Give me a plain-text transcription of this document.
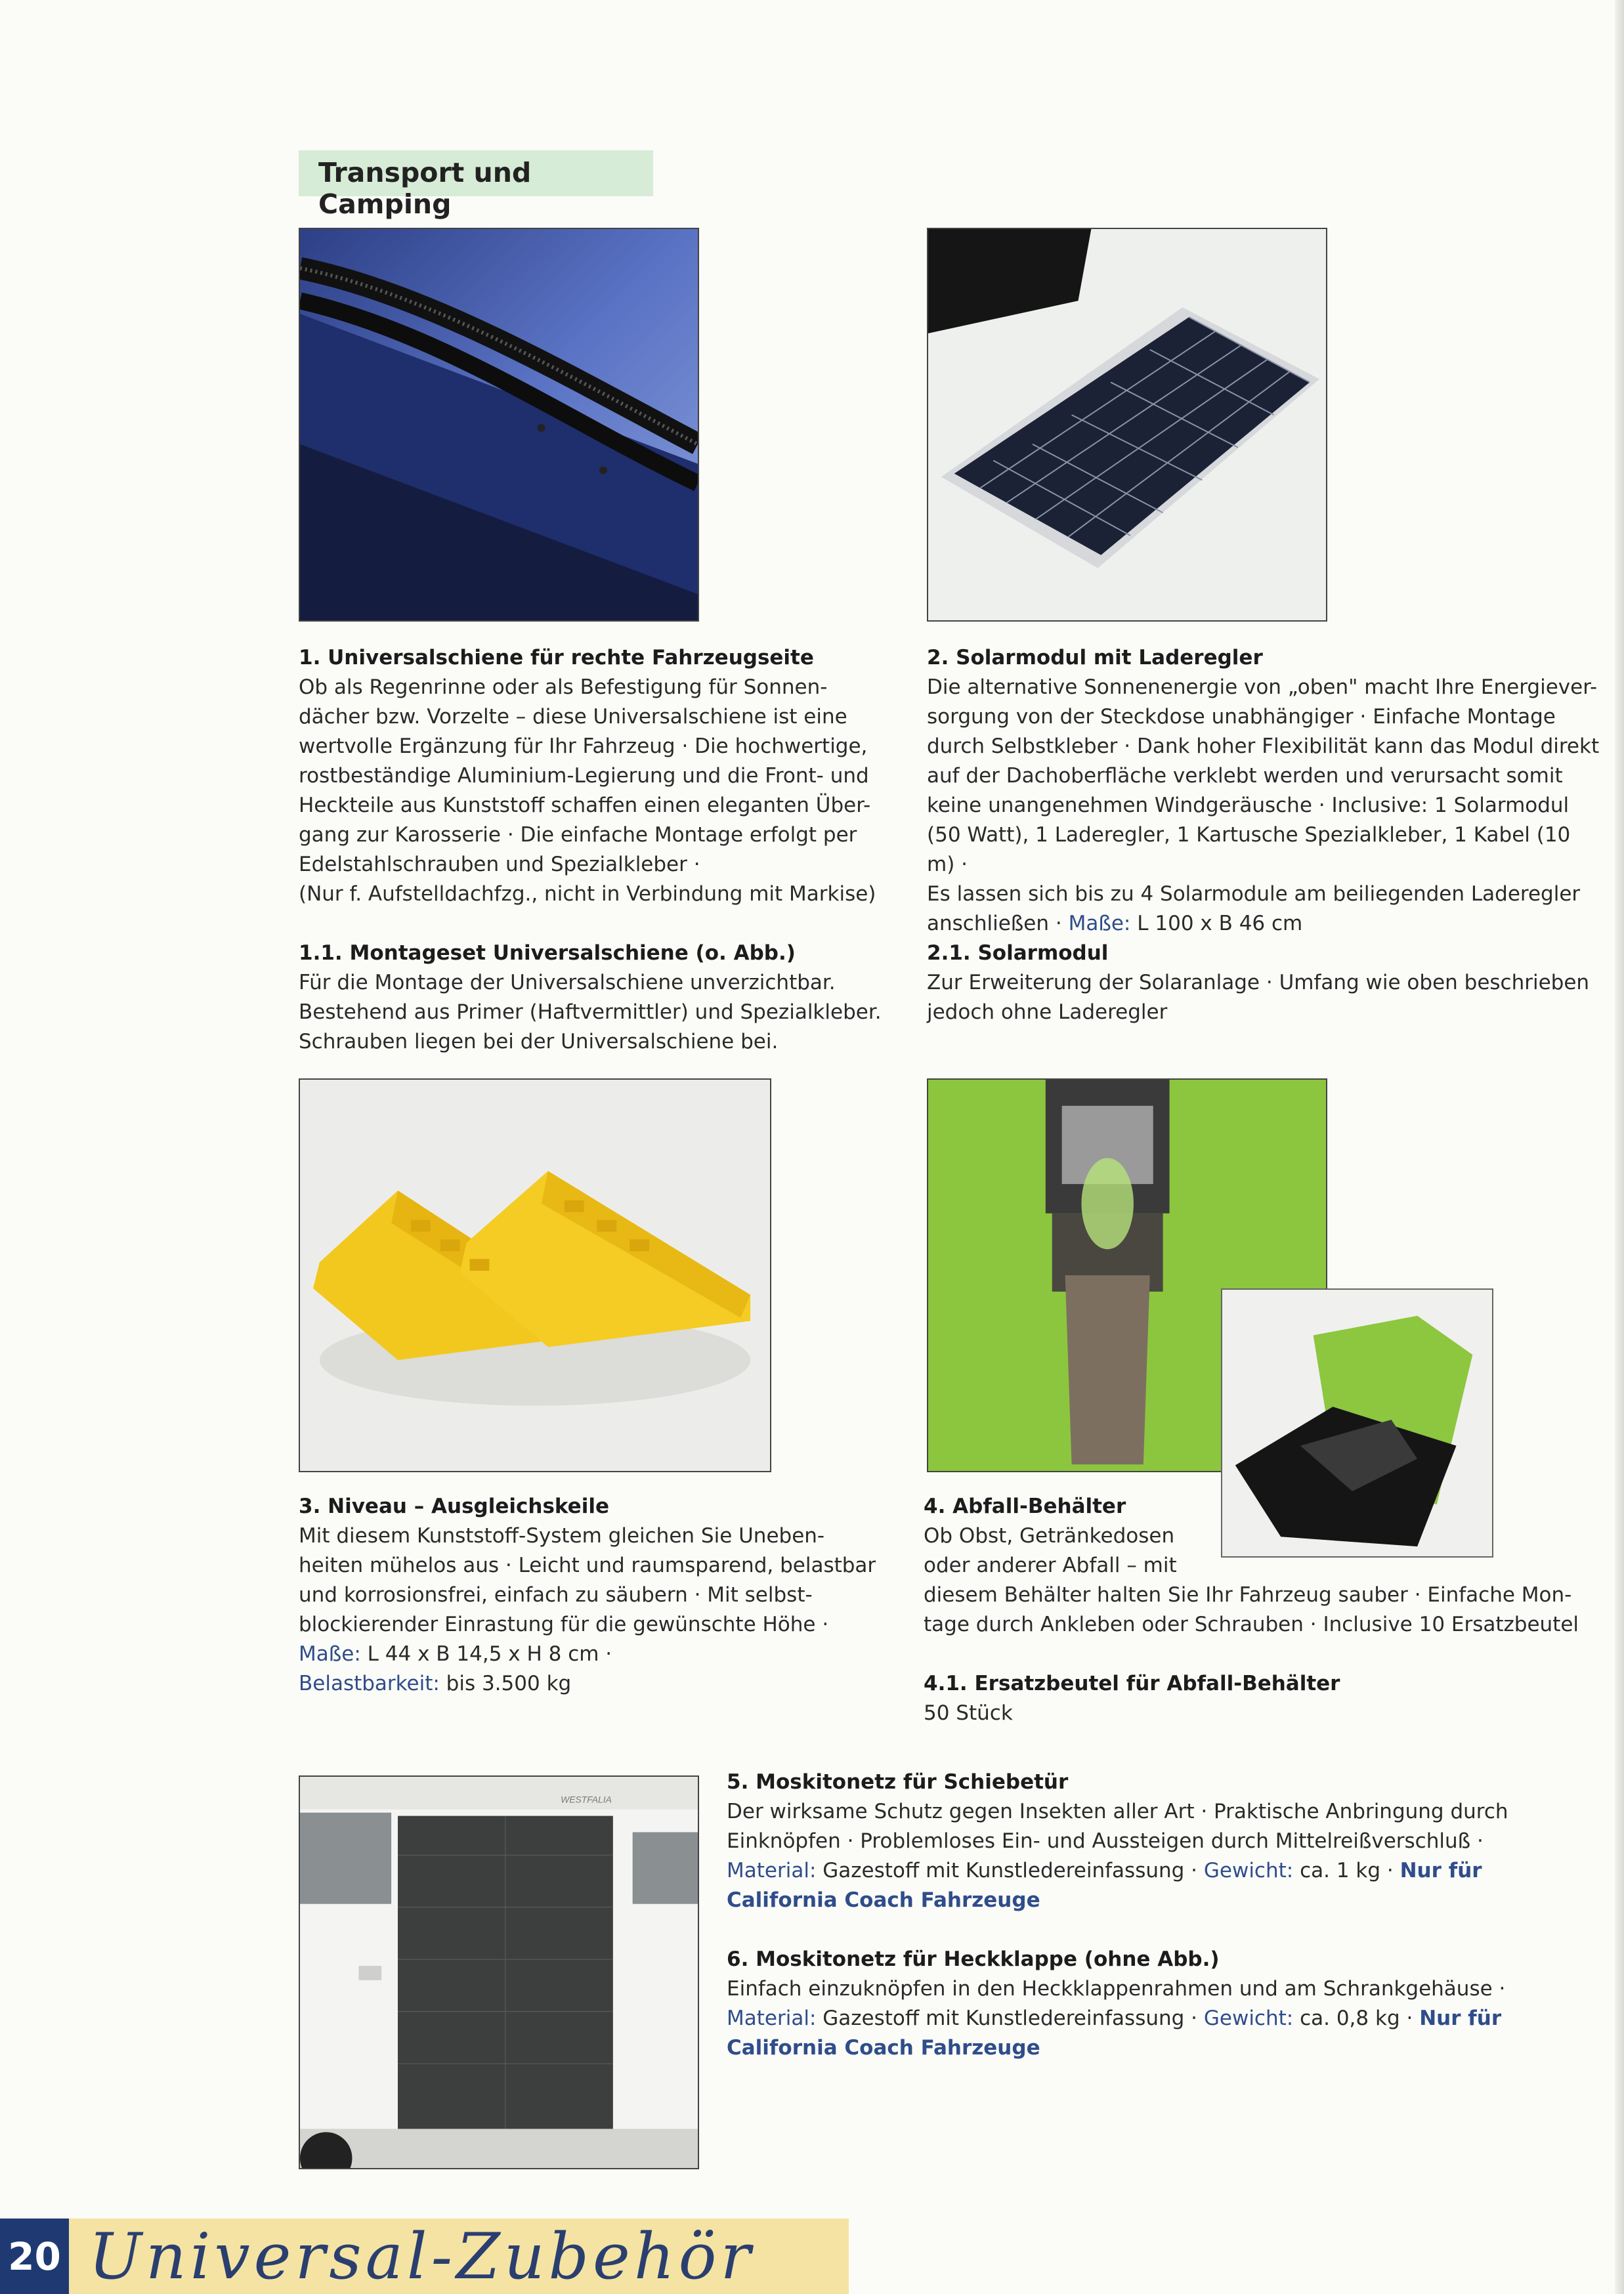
Transport und Camping
1. Universalschiene für rechte Fahrzeugseite

Ob als Regenrinne oder als Befestigung für Sonnen-

dächer bzw. Vorzelte – diese Universalschiene ist eine

wertvolle Ergänzung für Ihr Fahrzeug · Die hochwertige,

rostbeständige Aluminium-Legierung und die Front- und

Heckteile aus Kunststoff schaffen einen eleganten Über-

gang zur Karosserie · Die einfache Montage erfolgt per

Edelstahlschrauben und Spezialkleber ·

(Nur f. Aufstelldachfzg., nicht in Verbindung mit Markise)

1.1. Montageset Universalschiene (o. Abb.)

Für die Montage der Universalschiene unverzichtbar.

Bestehend aus Primer (Haftvermittler) und Spezialkleber.

Schrauben liegen bei der Universalschiene bei.

2. Solarmodul mit Laderegler

Die alternative Sonnenenergie von „oben" macht Ihre Energiever-

sorgung von der Steckdose unabhängiger · Einfache Montage

durch Selbstkleber · Dank hoher Flexibilität kann das Modul direkt

auf der Dachoberfläche verklebt werden und verursacht somit

keine unangenehmen Windgeräusche · Inclusive: 1 Solarmodul

(50 Watt), 1 Laderegler, 1 Kartusche Spezialkleber, 1 Kabel (10 m) ·

Es lassen sich bis zu 4 Solarmodule am beiliegenden Laderegler

anschließen · Maße: L 100 x B 46 cm

2.1. Solarmodul

Zur Erweiterung der Solaranlage · Umfang wie oben beschrieben

jedoch ohne Laderegler

3. Niveau – Ausgleichskeile

Mit diesem Kunststoff-System gleichen Sie Uneben-

heiten mühelos aus · Leicht und raumsparend, belastbar

und korrosionsfrei, einfach zu säubern · Mit selbst-

blockierender Einrastung für die gewünschte Höhe ·

Maße: L 44 x B 14,5 x H 8 cm ·

Belastbarkeit: bis 3.500 kg

4. Abfall-Behälter

Ob Obst, Getränkedosen

oder anderer Abfall – mit

diesem Behälter halten Sie Ihr Fahrzeug sauber · Einfache Mon-

tage durch Ankleben oder Schrauben · Inclusive 10 Ersatzbeutel

4.1. Ersatzbeutel für Abfall-Behälter

50 Stück

WESTFALIA
5. Moskitonetz für Schiebetür

Der wirksame Schutz gegen Insekten aller Art · Praktische Anbringung durch

Einknöpfen · Problemloses Ein- und Aussteigen durch Mittelreißverschluß ·

Material: Gazestoff mit Kunstledereinfassung · Gewicht: ca. 1 kg · Nur für

California Coach Fahrzeuge

6. Moskitonetz für Heckklappe (ohne Abb.)

Einfach einzuknöpfen in den Heckklappenrahmen und am Schrankgehäuse ·

Material: Gazestoff mit Kunstledereinfassung · Gewicht: ca. 0,8 kg · Nur für

California Coach Fahrzeuge

20 Universal-Zubehör
